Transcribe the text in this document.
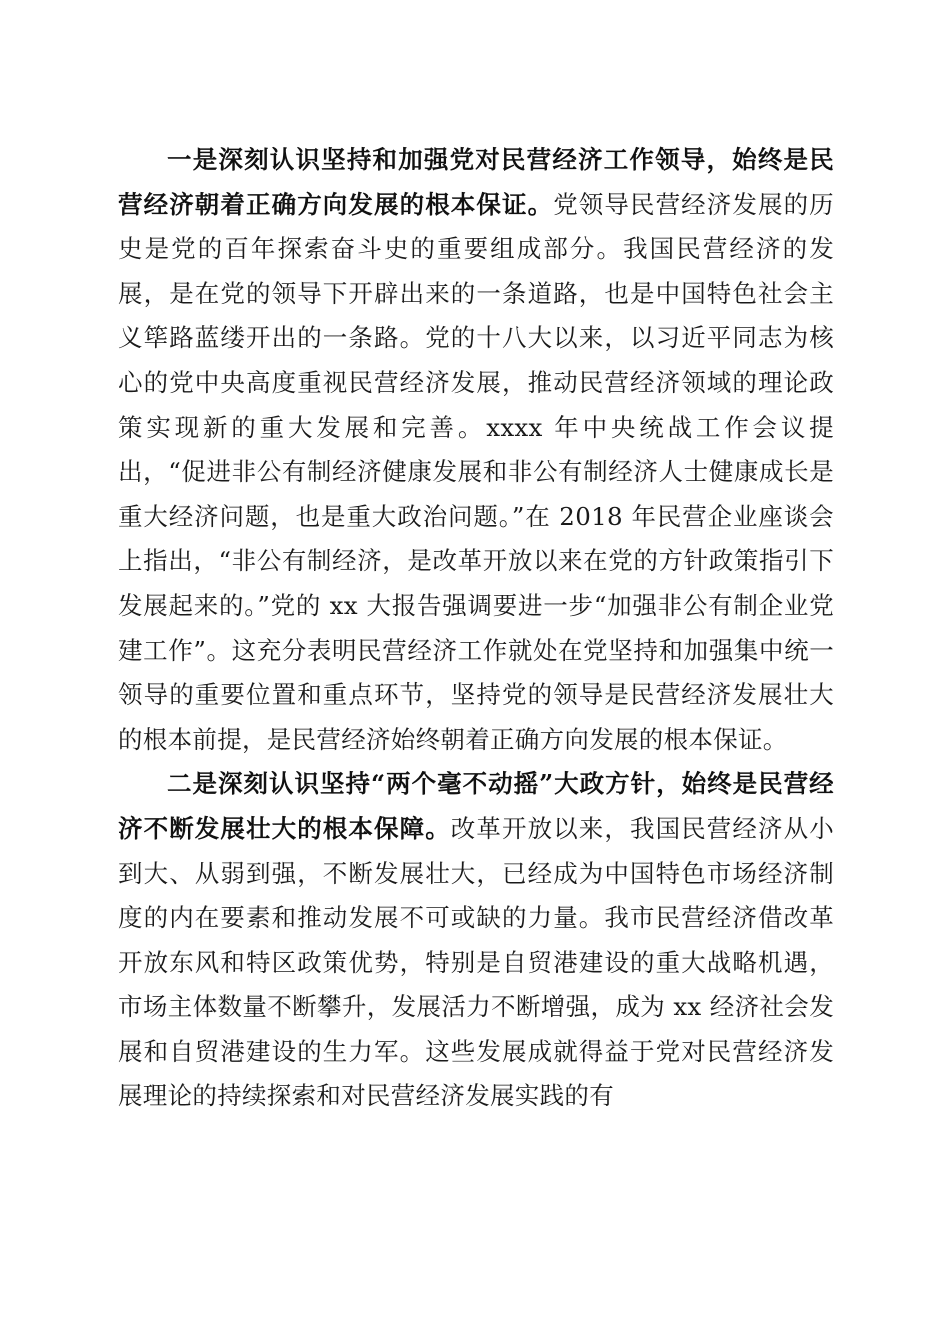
一是深刻认识坚持和加强党对民营经济工作领导，始终是民营经济朝着正确方向发展的根本保证。党领导民营经济发展的历史是党的百年探索奋斗史的重要组成部分。我国民营经济的发展，是在党的领导下开辟出来的一条道路，也是中国特色社会主义筚路蓝缕开出的一条路。党的十八大以来，以习近平同志为核心的党中央高度重视民营经济发展，推动民营经济领域的理论政策实现新的重大发展和完善。xxxx 年中央统战工作会议提出，“促进非公有制经济健康发展和非公有制经济人士健康成长是重大经济问题，也是重大政治问题。”在 2018 年民营企业座谈会上指出，“非公有制经济，是改革开放以来在党的方针政策指引下发展起来的。”党的 xx 大报告强调要进一步“加强非公有制企业党建工作”。这充分表明民营经济工作就处在党坚持和加强集中统一领导的重要位置和重点环节，坚持党的领导是民营经济发展壮大的根本前提，是民营经济始终朝着正确方向发展的根本保证。

二是深刻认识坚持“两个毫不动摇”大政方针，始终是民营经济不断发展壮大的根本保障。改革开放以来，我国民营经济从小到大、从弱到强，不断发展壮大，已经成为中国特色市场经济制度的内在要素和推动发展不可或缺的力量。我市民营经济借改革开放东风和特区政策优势，特别是自贸港建设的重大战略机遇，市场主体数量不断攀升，发展活力不断增强，成为 xx 经济社会发展和自贸港建设的生力军。这些发展成就得益于党对民营经济发展理论的持续探索和对民营经济发展实践的有
